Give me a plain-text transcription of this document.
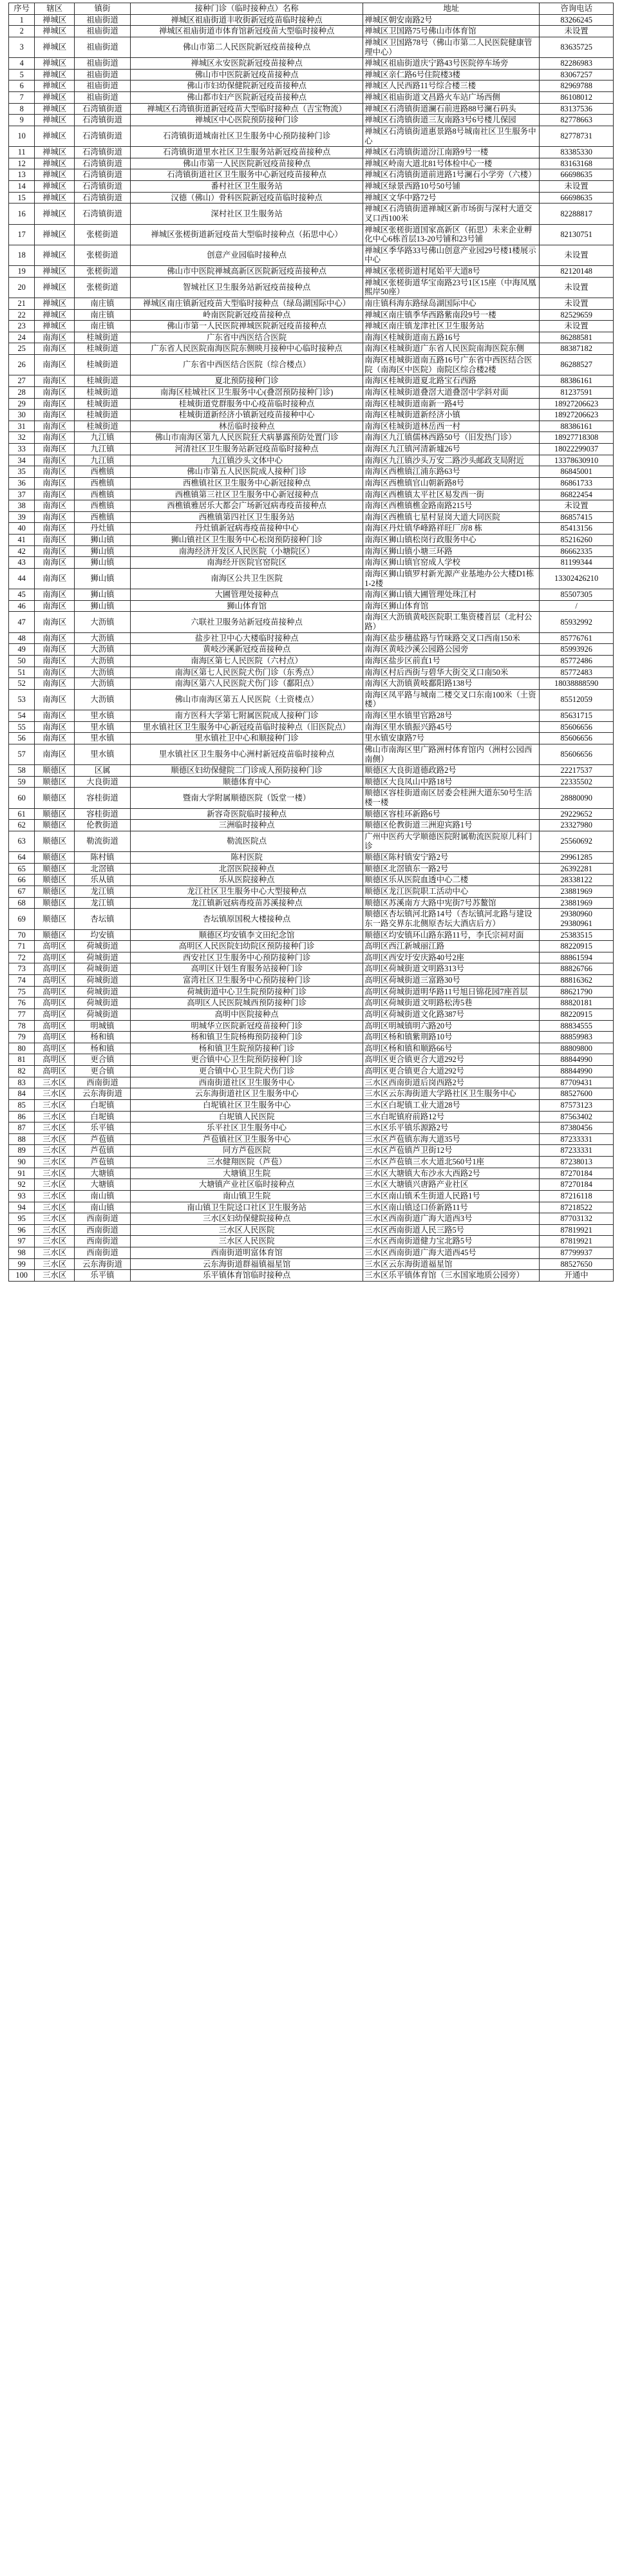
序号	辖区	镇街	接种门诊（临时接种点）名称	地址	咨询电话
1	禅城区	祖庙街道	禅城区祖庙街道丰收街新冠疫苗临时接种点	禅城区朝安南路2号	83266245
2	禅城区	祖庙街道	禅城区祖庙街道市体育馆新冠疫苗大型临时接种点	禅城区卫国路75号佛山市体育馆	未设置
3	禅城区	祖庙街道	佛山市第二人民医院新冠疫苗接种点	禅城区卫国路78号（佛山市第二人民医院健康管理中心）	83635725
4	禅城区	祖庙街道	禅城区永安医院新冠疫苗接种点	禅城区祖庙街道庆宁路43号医院停车场旁	82286983
5	禅城区	祖庙街道	佛山市中医院新冠疫苗接种点	禅城区亲仁路6号住院楼3楼	83067257
6	禅城区	祖庙街道	佛山市妇幼保健院新冠疫苗接种点	禅城区人民西路11号综合楼三楼	82969788
7	禅城区	祖庙街道	佛山都市妇产医院新冠疫苗接种点	禅城区祖庙街道文昌路火车站广场西侧	86108012
8	禅城区	石湾镇街道	禅城区石湾镇街道新冠疫苗大型临时接种点（吉宝物流）	禅城区石湾镇街道澜石前进路88号澜石码头	83137536
9	禅城区	石湾镇街道	禅城区中心医院预防接种门诊	禅城区石湾镇街道三友南路3号6号楼儿保园	82778663
10	禅城区	石湾镇街道	石湾镇街道城南社区卫生服务中心预防接种门诊	禅城区石湾镇街道惠景路8号城南社区卫生服务中心	82778731
11	禅城区	石湾镇街道	石湾镇街道里水社区卫生服务站新冠疫苗接种点	禅城区石湾镇街道汾江南路9号一楼	83385330
12	禅城区	石湾镇街道	佛山市第一人民医院新冠疫苗接种点	禅城区岭南大道北81号体检中心一楼	83163168
13	禅城区	石湾镇街道	石湾镇街道社区卫生服务中心新冠疫苗接种点	禅城区石湾镇街道前进路1号澜石小学旁（六楼）	66698635
14	禅城区	石湾镇街道	番村社区卫生服务站	禅城区绿景西路10号50号铺	未设置
15	禅城区	石湾镇街道	汉德（佛山）骨科医院新冠疫苗临时接种点	禅城区文华中路72号	66698635
16	禅城区	石湾镇街道	深村社区卫生服务站	禅城区石湾镇街道禅城区新市场街与深村大道交叉口西100米	82288817
17	禅城区	张槎街道	禅城区张槎街道新冠疫苗大型临时接种点（拓思中心）	禅城区张槎街道国家高新区（拓思）未来企业孵化中心6栋首层13-20号铺和23号铺	82130751
18	禅城区	张槎街道	创意产业园临时接种点	禅城区季华路33号佛山创意产业园29号楼1楼展示中心	未设置
19	禅城区	张槎街道	佛山市中医院禅城高新区医院新冠疫苗接种点	禅城区张槎街道村尾始平大道8号	82120148
20	禅城区	张槎街道	智城社区卫生服务站新冠疫苗接种点	禅城区张槎街道华宝南路23号1区15座（中海凤凰熙岸50座）	未设置
21	禅城区	南庄镇	禅城区南庄镇新冠疫苗大型临时接种点（绿岛湖国际中心）	南庄镇科海东路绿岛湖国际中心	未设置
22	禅城区	南庄镇	岭南医院新冠疫苗接种点	禅城区南庄镇季华西路紫南段9号一楼	82529659
23	禅城区	南庄镇	佛山市第一人民医院禅城医院新冠疫苗接种点	禅城区南庄镇龙津社区卫生服务站	未设置
24	南海区	桂城街道	广东省中西医结合医院	南海区桂城街道南五路16号	86288581
25	南海区	桂城街道	广东省人民医院南海医院东侧映月接种中心临时接种点	南海区桂城街道广东省人民医院南海医院东侧	88387182
26	南海区	桂城街道	广东省中西医结合医院（综合楼点）	南海区桂城街道南五路16号广东省中西医结合医院（南海区中医院）南院区综合楼2楼	86288527
27	南海区	桂城街道	夏北预防接种门诊	南海区桂城街道夏北路宝石西路	88386161
28	南海区	桂城街道	南海区桂城社区卫生服务中心(叠滘预防接种门诊)	南海区桂城街道叠滘大道叠滘中学斜对面	81237591
29	南海区	桂城街道	桂城街道党群服务中心疫苗临时接种点	南海区桂城街道南新一路4号	18927206623
30	南海区	桂城街道	桂城街道新经济小镇新冠疫苗接种中心	南海区桂城街道新经济小镇	18927206623
31	南海区	桂城街道	林岳临时接种点	南海区桂城街道林岳西一村	88386161
32	南海区	九江镇	佛山市南海区第九人民医院狂犬病暴露预防处置门诊	南海区九江镇儒林西路50号（旧发热门诊）	18927718308
33	南海区	九江镇	河清社区卫生服务站新冠疫苗临时接种点	南海区九江镇河清新墟26号	18022299037
34	南海区	九江镇	九江镇沙头文体中心	南海区九江镇沙头万安二路沙头邮政支局附近	13378630910
35	南海区	西樵镇	佛山市第五人民医院成人接种门诊	南海区西樵镇江浦东路63号	86845001
36	南海区	西樵镇	西樵镇社区卫生服务中心新冠接种点	南海区西樵镇官山朝新路8号	86861733
37	南海区	西樵镇	西樵镇第三社区卫生服务中心新冠接种点	南海区西樵镇太平社区易发西一街	86822454
38	南海区	西樵镇	西樵镇雅居乐大都会广场新冠病毒疫苗接种点	南海区西樵镇樵金路南路215号	未设置
39	南海区	西樵镇	西樵镇第四社区卫生服务站	南海区西樵镇七星村显岗大道大同医院	86857415
40	南海区	丹灶镇	丹灶镇新冠病毒疫苗接种中心	南海区丹灶镇华峰路祥旺厂房8 栋	85413156
41	南海区	狮山镇	狮山镇社区卫生服务中心松岗预防接种门诊	南海区狮山镇松岗行政服务中心	85216260
42	南海区	狮山镇	南海经济开发区人民医院（小塘院区）	南海区狮山镇小塘三环路	86662335
43	南海区	狮山镇	南海经开医院官窑院区	南海区狮山镇官窑成人学校	81199344
44	南海区	狮山镇	南海区公共卫生医院	南海区狮山镇罗村新光源产业基地办公大楼D1栋1-2楼	13302426210
45	南海区	狮山镇	大圃管理处接种点	南海区狮山镇大圃管理处珠江村	85507305
46	南海区	狮山镇	狮山体育馆	南海区狮山体育馆	/
47	南海区	大沥镇	六联社卫服务站新冠疫苗接种点	南海区大沥镇黄岐医院职工集资楼首层（北村公路）	85932992
48	南海区	大沥镇	盐步社卫中心大楼临时接种点	南海区盐步穗盐路与竹味路交叉口西南150米	85776761
49	南海区	大沥镇	黄岐沙溪新冠疫苗接种点	南海区黄岐沙溪公园路公园旁	85993926
50	南海区	大沥镇	南海区第七人民医院（六村点）	南海区盐步区前直1号	85772486
51	南海区	大沥镇	南海区第七人民医院犬伤门诊（东秀点）	南海区村后西街与碧华大街交叉口南50米	85772483
52	南海区	大沥镇	南海区第六人民医院犬伤门诊（鄱阳点）	南海区大沥镇黄岐鄱阳路138号	18038888590
53	南海区	大沥镇	佛山市南海区第五人民医院（土资楼点）	南海区凤平路与城南二楼交叉口东南100米（土资楼）	85512059
54	南海区	里水镇	南方医科大学第七附属医院成人接种门诊	南海区里水镇里官路28号	85631715
55	南海区	里水镇	里水镇社区卫生服务中心新冠疫苗临时接种点（旧医院点）	南海区里水镇振兴路45号	85606656
56	南海区	里水镇	里水镇社卫中心和顺接种门诊	里水镇安康路7号	85606656
57	南海区	里水镇	里水镇社区卫生服务中心洲村新冠疫苗临时接种点	佛山市南海区里广路洲村体育馆内（洲村公园西南侧）	85606656
58	顺德区	区属	顺德区妇幼保健院二门诊成人预防接种门诊	顺德区大良街道德政路2号	22217537
59	顺德区	大良街道	顺德体育中心	顺德区大良凤山中路18号	22335502
60	顺德区	容桂街道	暨南大学附属顺德医院（饭堂一楼）	顺德区容桂街道南区居委会桂洲大道东50号生活楼一楼	28880090
61	顺德区	容桂街道	新容奇医院临时接种点	顺德区容桂环新路6号	29229652
62	顺德区	伦教街道	三洲临时接种点	顺德区伦教街道三洲迎宾路1号	23327980
63	顺德区	勒流街道	勒流医院点	广州中医药大学顺德医院附属勒流医院原儿科门诊	25560692
64	顺德区	陈村镇	陈村医院	顺德区陈村镇安宁路2号	29961285
65	顺德区	北滘镇	北滘医院接种点	顺德区北滘镇东一路2号	26392281
66	顺德区	乐从镇	乐从医院接种点	顺德区乐从医院血透中心二楼	28338122
67	顺德区	龙江镇	龙江社区卫生服务中心大型接种点	顺德区龙江医院职工活动中心	23881969
68	顺德区	龙江镇	龙江镇新冠病毒疫苗苏溪接种点	顺德区苏溪南方大路中宪街7号苏鳌馆	23881969
69	顺德区	杏坛镇	杏坛镇原国税大楼接种点	顺德区杏坛镇河北路14号（杏坛镇河北路与建设东一路交界东北侧原杏坛大酒店后方）	29380960
29380961
70	顺德区	均安镇	顺德区均安镇李文田纪念馆	顺德区均安镇环山路东路11号，李氏宗祠对面	25383515
71	高明区	荷城街道	高明区人民医院妇幼院区预防接种门诊	高明区西江新城丽江路	88220915
72	高明区	荷城街道	西安社区卫生服务中心预防接种门诊	高明区西安圩安庆路40号2座	88861594
73	高明区	荷城街道	高明区计划生育服务站接种门诊	高明区荷城街道文明路313号	88826766
74	高明区	荷城街道	富湾社区卫生服务中心预防接种门诊	高明区荷城街道三富路30号	88816362
75	高明区	荷城街道	荷城街道中心卫生院预防接种门诊	高明区荷城街道明华路11号旭日锦花园7座首层	88621790
76	高明区	荷城街道	高明区人民医院城西预防接种门诊	高明区荷城街道文明路松涛5巷	88820181
77	高明区	荷城街道	高明中医院接种点	高明区荷城街道文化路387号	88220915
78	高明区	明城镇	明城华立医院新冠疫苗接种门诊	高明区明城镇明六路20号	88834555
79	高明区	杨和镇	杨和镇卫生院杨梅预防接种门诊	高明区杨和镇紫荆路10号	88859983
80	高明区	杨和镇	杨和镇卫生院预防接种门诊	高明区杨和镇和顺路66号	88809800
81	高明区	更合镇	更合镇中心卫生院预防接种门诊	高明区更合镇更合大道292号	88844990
82	高明区	更合镇	更合镇中心卫生院犬伤门诊	高明区更合镇更合大道292号	88844990
83	三水区	西南街道	西南街道社区卫生服务中心	三水区西南街道后岗西路2号	87709431
84	三水区	云东海街道	云东海街道社区卫生服务中心	三水区云东海街道大学路社区卫生服务中心	88527600
85	三水区	白坭镇	白坭镇社区卫生服务中心	三水区白坭镇工业大道28号	87573123
86	三水区	白坭镇	白坭镇人民医院	三水白坭镇府前路12号	87563402
87	三水区	乐平镇	乐平社区卫生服务中心	三水区乐平镇乐源路2号	87380456
88	三水区	芦苞镇	芦苞镇社区卫生服务中心	三水区芦苞镇东海大道35号	87233331
89	三水区	芦苞镇	同方芦苞医院	三水区芦苞镇芦卫街12号	87233331
90	三水区	芦苞镇	三水健翔医院（芦苞）	三水区芦苞镇三水大道北560号1座	87238013
91	三水区	大塘镇	大塘镇卫生院	三水区大塘镇大布沙永大西路2号	87270184
92	三水区	大塘镇	大塘镇产业社区临时接种点	三水区大塘镇兴唐路产业社区	87270184
93	三水区	南山镇	南山镇卫生院	三水区南山镇禾生街道人民路1号	87216118
94	三水区	南山镇	南山镇卫生院迳口社区卫生服务站	三水区南山镇迳口侨新路11号	87218522
95	三水区	西南街道	三水区妇幼保健院接种点	三水区西南街道广海大道西3号	87703132
96	三水区	西南街道	三水区人民医院	三水区西南街道人民三路5号	87819921
97	三水区	西南街道	三水区人民医院	三水区西南街道健力宝北路5号	87819921
98	三水区	西南街道	西南街道明富体育馆	三水区西南街道广海大道西45号	87799937
99	三水区	云东海街道	云东海街道群福镇福星馆	三水区云东海街道福星馆	88527650
100	三水区	乐平镇	乐平镇体育馆临时接种点	三水区乐平镇体育馆（三水国家地质公园旁）	开通中
